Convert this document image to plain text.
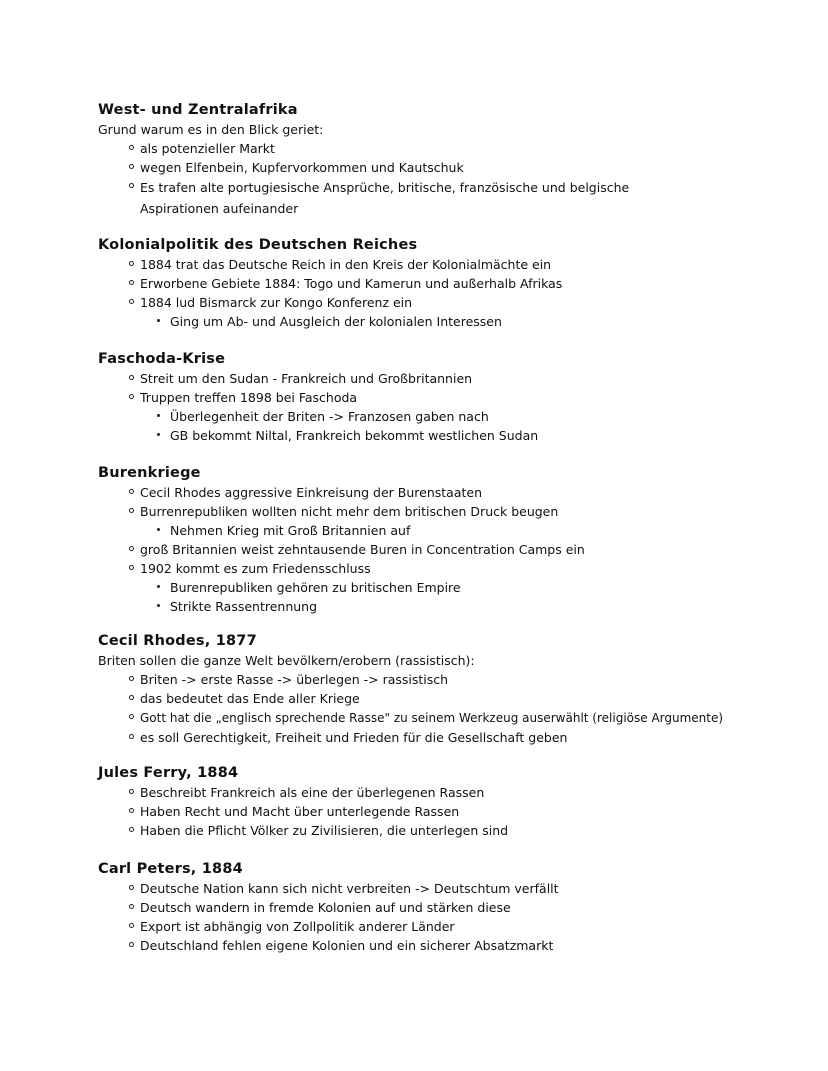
West- und Zentralafrika
Grund warum es in den Blick geriet:
als potenzieller Markt
wegen Elfenbein, Kupfervorkommen und Kautschuk
Es trafen alte portugiesische Ansprüche, britische, französische und belgische Aspirationen aufeinander
Kolonialpolitik des Deutschen Reiches
1884 trat das Deutsche Reich in den Kreis der Kolonialmächte ein
Erworbene Gebiete 1884: Togo und Kamerun und außerhalb Afrikas
1884 lud Bismarck zur Kongo Konferenz ein
Ging um Ab- und Ausgleich der kolonialen Interessen
Faschoda-Krise
Streit um den Sudan - Frankreich und Großbritannien
Truppen treffen 1898 bei Faschoda
Überlegenheit der Briten -> Franzosen gaben nach
GB bekommt Niltal, Frankreich bekommt westlichen Sudan
Burenkriege
Cecil Rhodes aggressive Einkreisung der Burenstaaten
Burrenrepubliken wollten nicht mehr dem britischen Druck beugen
Nehmen Krieg mit Groß Britannien auf
groß Britannien weist zehntausende Buren in Concentration Camps ein
1902 kommt es zum Friedensschluss
Burenrepubliken gehören zu britischen Empire
Strikte Rassentrennung
Cecil Rhodes, 1877
Briten sollen die ganze Welt bevölkern/erobern (rassistisch):
Briten -> erste Rasse -> überlegen -> rassistisch
das bedeutet das Ende aller Kriege
Gott hat die „englisch sprechende Rasse" zu seinem Werkzeug auserwählt (religiöse Argumente)
es soll Gerechtigkeit, Freiheit und Frieden für die Gesellschaft geben
Jules Ferry, 1884
Beschreibt Frankreich als eine der überlegenen Rassen
Haben Recht und Macht über unterlegende Rassen
Haben die Pflicht Völker zu Zivilisieren, die unterlegen sind
Carl Peters, 1884
Deutsche Nation kann sich nicht verbreiten -> Deutschtum verfällt
Deutsch wandern in fremde Kolonien auf und stärken diese
Export ist abhängig von Zollpolitik anderer Länder
Deutschland fehlen eigene Kolonien und ein sicherer Absatzmarkt
